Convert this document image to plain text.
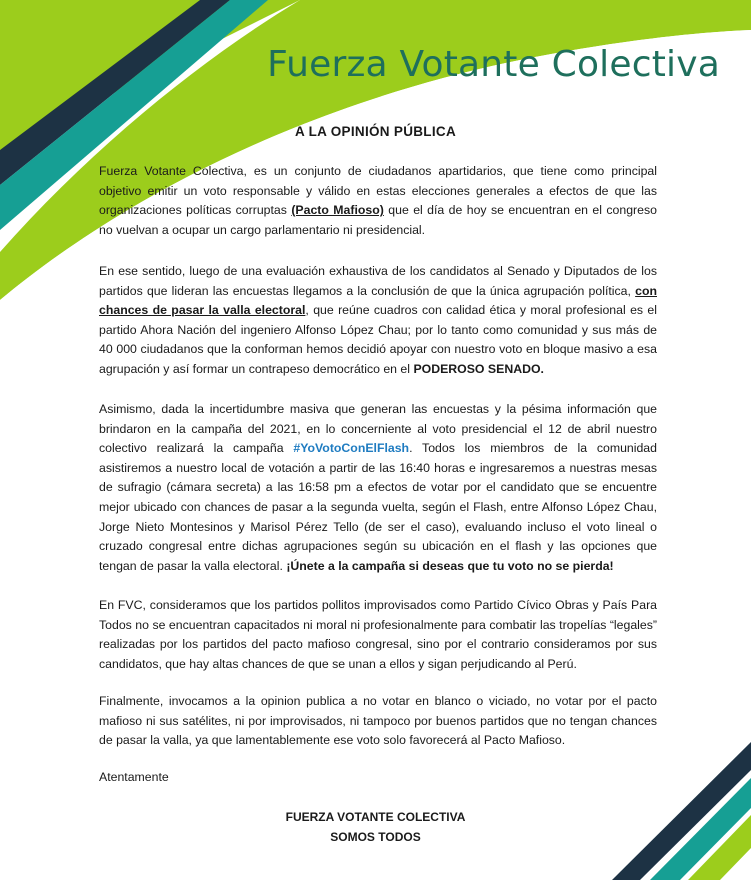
Fuerza Votante Colectiva
A LA OPINIÓN PÚBLICA
Fuerza Votante Colectiva, es un conjunto de ciudadanos apartidarios, que tiene como principal objetivo emitir un voto responsable y válido en estas elecciones generales a efectos de que las organizaciones políticas corruptas (Pacto Mafioso) que el día de hoy se encuentran en el congreso no vuelvan a ocupar un cargo parlamentario ni presidencial.
En ese sentido, luego de una evaluación exhaustiva de los candidatos al Senado y Diputados de los partidos que lideran las encuestas llegamos a la conclusión de que la única agrupación política, con chances de pasar la valla electoral, que reúne cuadros con calidad ética y moral profesional es el partido Ahora Nación del ingeniero Alfonso López Chau; por lo tanto como comunidad y sus más de 40 000 ciudadanos que la conforman hemos decidió apoyar con nuestro voto en bloque masivo a esa agrupación y así formar un contrapeso democrático en el PODEROSO SENADO.
Asimismo, dada la incertidumbre masiva que generan las encuestas y la pésima información que brindaron en la campaña del 2021, en lo concerniente al voto presidencial el 12 de abril nuestro colectivo realizará la campaña #YoVotoConElFlash. Todos los miembros de la comunidad asistiremos a nuestro local de votación a partir de las 16:40 horas e ingresaremos a nuestras mesas de sufragio (cámara secreta) a las 16:58 pm a efectos de votar por el candidato que se encuentre mejor ubicado con chances de pasar a la segunda vuelta, según el Flash, entre Alfonso López Chau, Jorge Nieto Montesinos y Marisol Pérez Tello (de ser el caso), evaluando incluso el voto lineal o cruzado congresal entre dichas agrupaciones según su ubicación en el flash y las opciones que tengan de pasar la valla electoral. ¡Únete a la campaña si deseas que tu voto no se pierda!
En FVC, consideramos que los partidos pollitos improvisados como Partido Cívico Obras y País Para Todos no se encuentran capacitados ni moral ni profesionalmente para combatir las tropelías “legales” realizadas por los partidos del pacto mafioso congresal, sino por el contrario consideramos por sus candidatos, que hay altas chances de que se unan a ellos y sigan perjudicando al Perú.
Finalmente, invocamos a la opinion publica a no votar en blanco o viciado, no votar por el pacto mafioso ni sus satélites, ni por improvisados, ni tampoco por buenos partidos que no tengan chances de pasar la valla, ya que lamentablemente ese voto solo favorecerá al Pacto Mafioso.
Atentamente
FUERZA VOTANTE COLECTIVA
SOMOS TODOS
